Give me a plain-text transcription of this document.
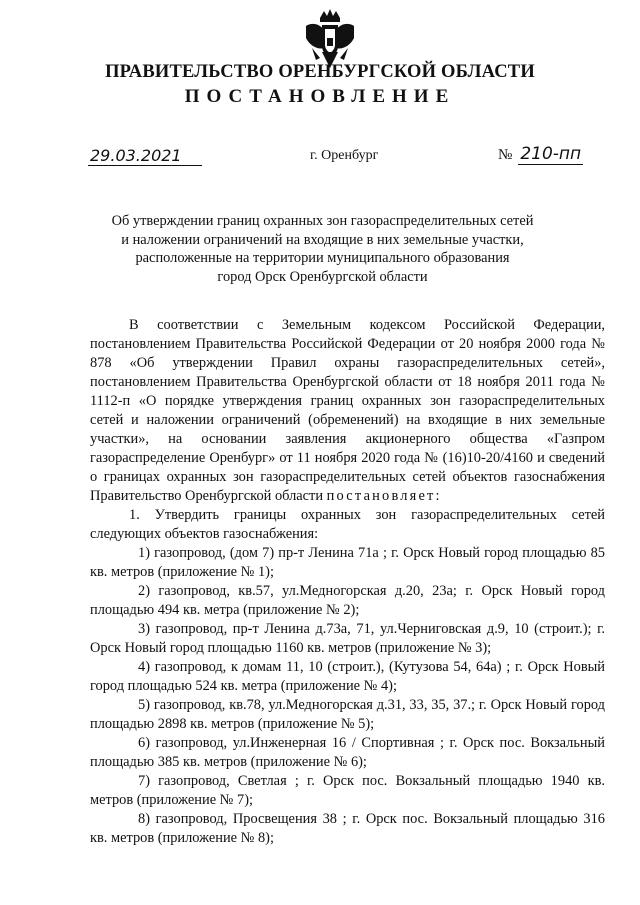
ПРАВИТЕЛЬСТВО ОРЕНБУРГСКОЙ ОБЛАСТИ
ПОСТАНОВЛЕНИЕ
29.03.2021	г. Оренбург	№ 210-пп
Об утверждении границ охранных зон газораспределительных сетей
и наложении ограничений на входящие в них земельные участки,
расположенные на территории муниципального образования
город Орск Оренбургской области

В соответствии с Земельным кодексом Российской Федерации, постановлением Правительства Российской Федерации от 20 ноября 2000 года № 878 «Об утверждении Правил охраны газораспределительных сетей», постановлением Правительства Оренбургской области от 18 ноября 2011 года № 1112-п «О порядке утверждения границ охранных зон газораспределительных сетей и наложении ограничений (обременений) на входящие в них земельные участки», на основании заявления акционерного общества «Газпром газораспределение Оренбург» от 11 ноября 2020 года № (16)10-20/4160 и сведений о границах охранных зон газораспределительных сетей объектов газоснабжения Правительство Оренбургской области постановляет:

1. Утвердить границы охранных зон газораспределительных сетей следующих объектов газоснабжения:

1) газопровод, (дом 7) пр-т Ленина 71а ; г. Орск Новый город площадью 85 кв. метров (приложение № 1);

2) газопровод, кв.57, ул.Медногорская д.20, 23а; г. Орск Новый город площадью 494 кв. метра (приложение № 2);

3) газопровод, пр-т Ленина д.73а, 71, ул.Черниговская д.9, 10 (строит.); г. Орск Новый город площадью 1160 кв. метров (приложение № 3);

4) газопровод, к домам 11, 10 (строит.), (Кутузова 54, 64а) ; г. Орск Новый город площадью 524 кв. метра (приложение № 4);

5) газопровод, кв.78, ул.Медногорская д.31, 33, 35, 37.; г. Орск Новый город площадью 2898 кв. метров (приложение № 5);

6) газопровод, ул.Инженерная 16 / Спортивная ; г. Орск пос. Вокзальный площадью 385 кв. метров (приложение № 6);

7) газопровод, Светлая ; г. Орск пос. Вокзальный площадью 1940 кв. метров (приложение № 7);

8) газопровод, Просвещения 38 ; г. Орск пос. Вокзальный площадью 316 кв. метров (приложение № 8);
